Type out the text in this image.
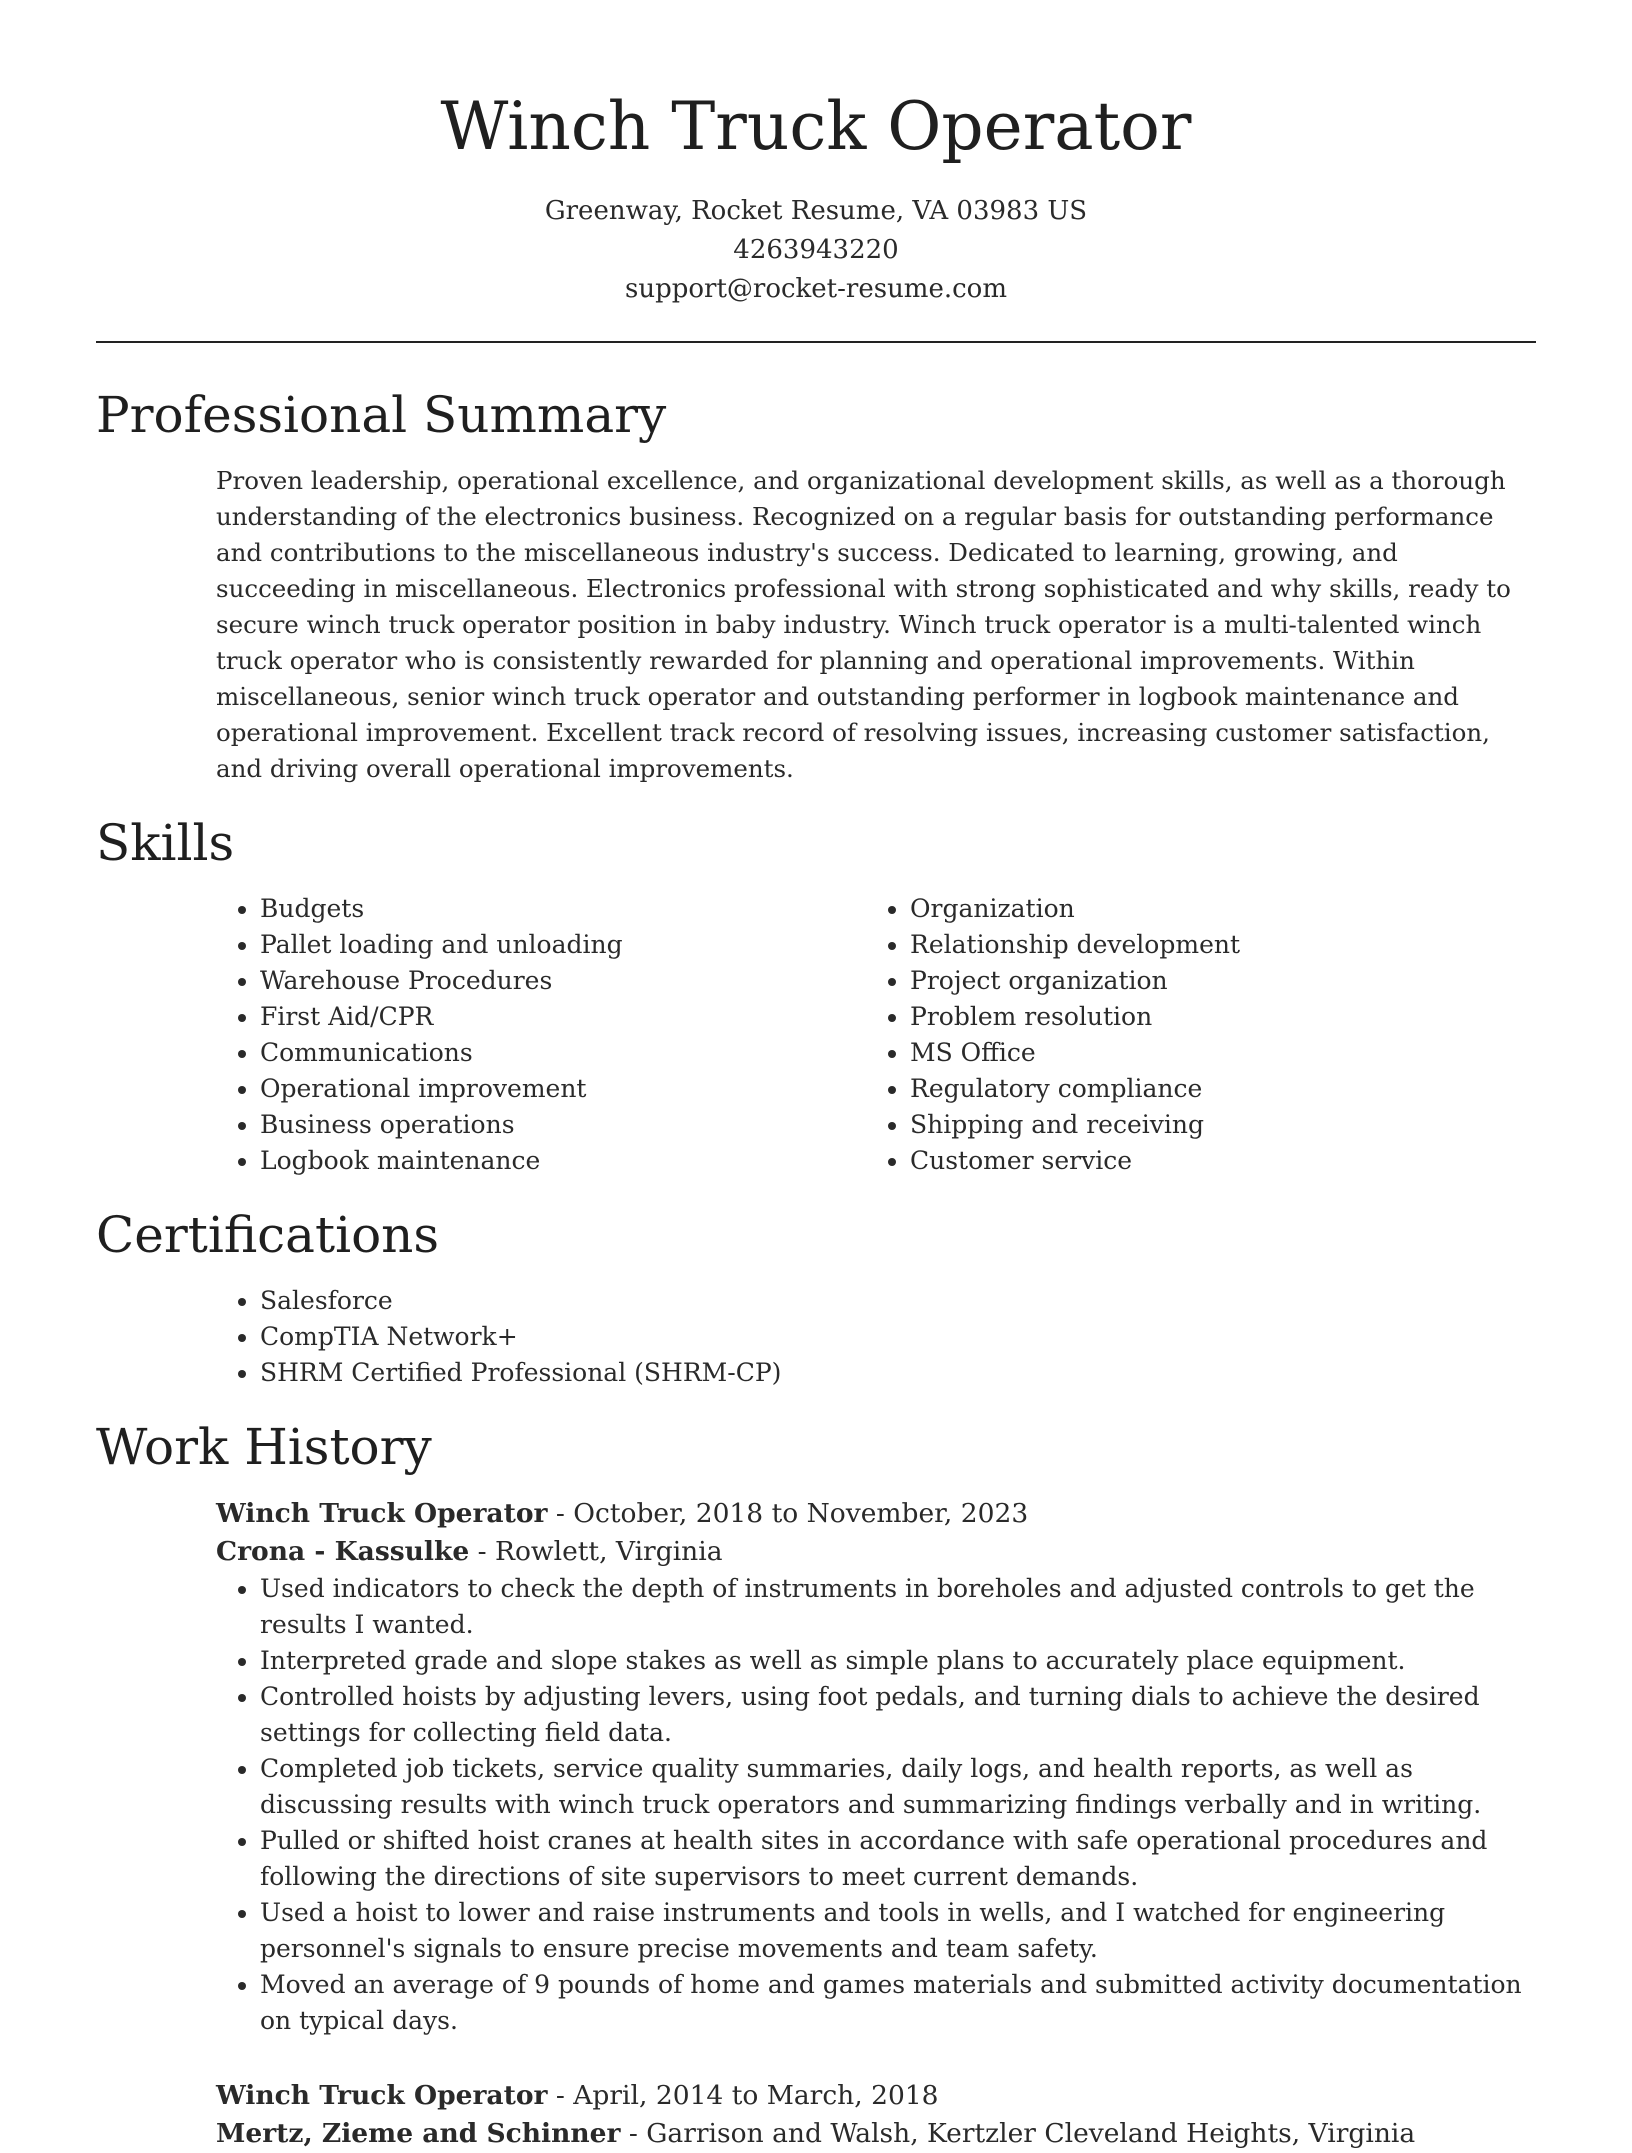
Winch Truck Operator
Greenway, Rocket Resume, VA 03983 US
4263943220
support@rocket-resume.com
Professional Summary

Proven leadership, operational excellence, and organizational development skills, as well as a thorough understanding of the electronics business. Recognized on a regular basis for outstanding performance and contributions to the miscellaneous industry's success. Dedicated to learning, growing, and succeeding in miscellaneous. Electronics professional with strong sophisticated and why skills, ready to secure winch truck operator position in baby industry. Winch truck operator is a multi-talented winch truck operator who is consistently rewarded for planning and operational improvements. Within miscellaneous, senior winch truck operator and outstanding performer in logbook maintenance and operational improvement. Excellent track record of resolving issues, increasing customer satisfaction, and driving overall operational improvements.

Skills
• Budgets
• Pallet loading and unloading
• Warehouse Procedures
• First Aid/CPR
• Communications
• Operational improvement
• Business operations
• Logbook maintenance
• Organization
• Relationship development
• Project organization
• Problem resolution
• MS Office
• Regulatory compliance
• Shipping and receiving
• Customer service
Certifications
• Salesforce
• CompTIA Network+
• SHRM Certified Professional (SHRM-CP)
Work History
Winch Truck Operator - October, 2018 to November, 2023
Crona - Kassulke - Rowlett, Virginia
• Used indicators to check the depth of instruments in boreholes and adjusted controls to get the results I wanted.
• Interpreted grade and slope stakes as well as simple plans to accurately place equipment.
• Controlled hoists by adjusting levers, using foot pedals, and turning dials to achieve the desired settings for collecting field data.
• Completed job tickets, service quality summaries, daily logs, and health reports, as well as discussing results with winch truck operators and summarizing findings verbally and in writing.
• Pulled or shifted hoist cranes at health sites in accordance with safe operational procedures and following the directions of site supervisors to meet current demands.
• Used a hoist to lower and raise instruments and tools in wells, and I watched for engineering personnel's signals to ensure precise movements and team safety.
• Moved an average of 9 pounds of home and games materials and submitted activity documentation on typical days.
Winch Truck Operator - April, 2014 to March, 2018
Mertz, Zieme and Schinner - Garrison and Walsh, Kertzler Cleveland Heights, Virginia
